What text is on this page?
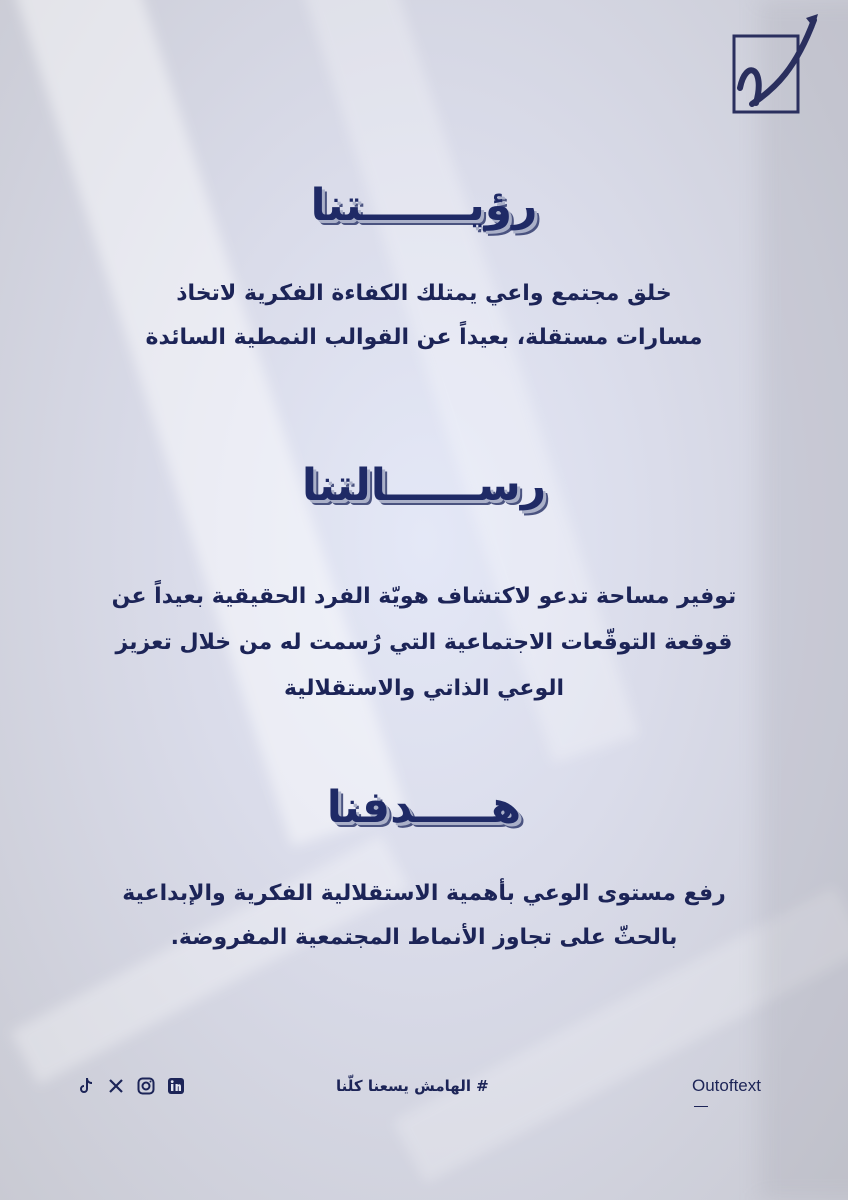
رؤيـــــــتنا
خلق مجتمع واعي يمتلك الكفاءة الفكرية لاتخاذ
مسارات مستقلة، بعيداً عن القوالب النمطية السائدة
رســــــالتنا
توفير مساحة تدعو لاكتشاف هويّة الفرد الحقيقية بعيداً عن
قوقعة التوقّعات الاجتماعية التي رُسمت له من خلال تعزيز
الوعي الذاتي والاستقلالية
هـــــدفنا
رفع مستوى الوعي بأهمية الاستقلالية الفكرية والإبداعية
بالحثّ على تجاوز الأنماط المجتمعية المفروضة.
# الهامش يسعنا كلّنا	Outoftext
